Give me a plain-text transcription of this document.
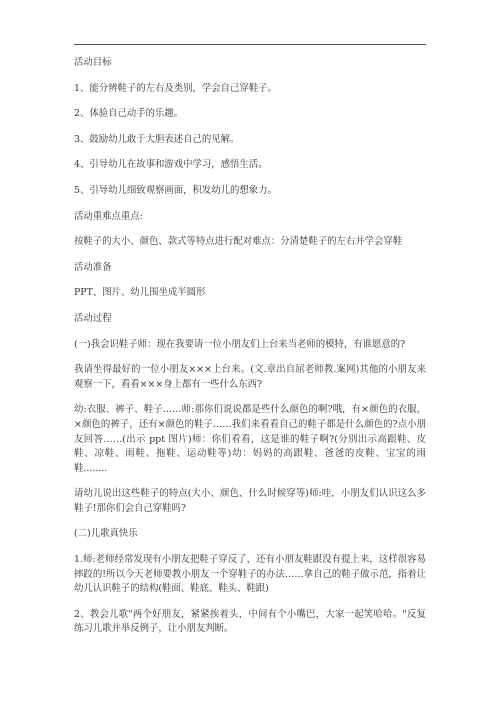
活动目标

1、能分辨鞋子的左右及类别，学会自己穿鞋子。

2、体验自己动手的乐趣。

3、鼓励幼儿敢于大胆表述自己的见解。

4、引导幼儿在故事和游戏中学习，感悟生活。

5、引导幼儿细致观察画面，积发幼儿的想象力。

活动重难点重点:

按鞋子的大小、颜色、款式等特点进行配对难点：分清楚鞋子的左右并学会穿鞋

活动准备

PPT、图片、幼儿围坐成半圆形

活动过程

(一)我会识鞋子师：现在我要请一位小朋友们上台来当老师的模特，有谁愿意的?

我请坐得最好的一位小朋友×××上台来。(文.章出自屈老师教.案网)其他的小朋友来观察一下，看看×××身上都有一些什么东西?

幼:衣服、裤子、鞋子……师:那你们说说都是些什么颜色的啊?哦，有×颜色的衣服，×颜色的裤子，还有×颜色的鞋子……我们来看看自己的鞋子都是什么颜色的?点小朋友回答……(出示 ppt 图片)师：你们看看，这是谁的鞋子啊?(分别出示高跟鞋、皮鞋、凉鞋、雨鞋、拖鞋、运动鞋等)幼：妈妈的高跟鞋、爸爸的皮鞋、宝宝的雨鞋........

请幼儿说出这些鞋子的特点(大小、颜色、什么时候穿等)师:哇，小朋友们认识这么多鞋子!那你们会自己穿鞋吗?

(二)儿歌真快乐

1.师:老师经常发现有小朋友把鞋子穿反了，还有小朋友鞋跟没有提上来，这样很容易摔跤的!所以今天老师要教小朋友一个穿鞋子的办法……拿自己的鞋子做示范，指着让幼儿认识鞋子的结构(鞋面、鞋底、鞋头、鞋跟)

2、教会儿歌"两个好朋友，紧紧挨着头，中间有个小嘴巴，大家一起笑哈哈。"反复练习儿歌并举反例子，让小朋友判断。
